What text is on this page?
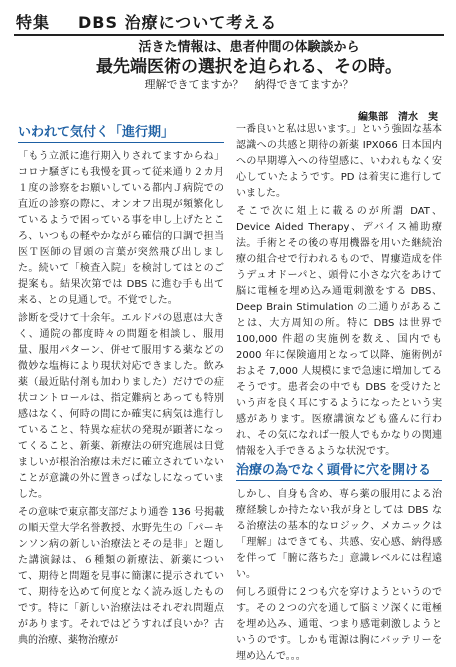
特集 DBS 治療について考える
活きた情報は、患者仲間の体験談から
最先端医術の選択を迫られる、その時。
理解できてますか？　納得できてますか？
編集部　清水　実
いわれて気付く「進行期」

「もう立派に進行期入りされてますからね」コロナ騒ぎにも我慢を貫って従来通り２カ月１度の診察をお願いしている都内Ｊ病院での直近の診察の際に、オンオフ出現が頻繁化しているようで困っている事を申し上げたところ、いつもの軽やかながら確信的口調で担当医Ｔ医師の冒頭の言葉が突然飛び出しました。続いて「検査入院」を検討してはとのご提案も。結果次第では DBS に進む手も出て来る、との見通しで。不覚でした。

診断を受けて十余年。エルドパの恩恵は大きく、通院の都度時々の問題を相談し、服用量、服用パターン、併せて服用する薬などの微妙な塩梅により現状対応できました。飲み薬（最近貼付剤も加わりました）だけでの症状コントロールは、指定難病とあっても特別感はなく、何時の間にか確実に病気は進行していること、特異な症状の発現が顕著になってくること、新薬、新療法の研究進展は日覚ましいが根治治療は未だに確立されていないことが意識の外に置きっぱなしになっていました。

その意味で東京都支部だより通巻 136 号掲載の順天堂大学名誉教授、水野先生の「パーキンソン病の新しい治療法とその是非」と題した講演録は、６種類の新療法、新薬について、期待と問題を見事に簡潔に提示されていて、期待を込めて何度となく読み返したものです。特に「新しい治療法はそれぞれ問題点があります。それではどうすれば良いか？古典的治療、薬物治療が

一番良いと私は思います。」という強固な基本認識への共感と期待の新薬 IPX066 日本国内への早期導入への待望感に、いわれもなく安心していたようです。PD は着実に進行していました。

そこで次に俎上に載るのが所謂 DAT、Device Aided Therapy、デバイス補助療法。手術とその後の専用機器を用いた継続治療の組合せで行われるもので、胃瘻造成を伴うデュオドーパと、頭骨に小さな穴をあけて脳に電極を埋め込み通電刺激をする DBS、Deep Brain Stimulation の二通りがあることは、大方周知の所。特に DBS は世界で 100,000 件超の実施例を数え、国内でも 2000 年に保険適用となって以降、施術例がおよそ 7,000 人規模にまで急速に増加してるそうです。患者会の中でも DBS を受けたという声を良く耳にするようになったという実感があります。医療講演なども盛んに行われ、その気になれば一般人でもかなりの関連情報を入手できるような状況です。

治療の為でなく頭骨に穴を開ける

しかし、自身も含め、専ら薬の服用による治療経験しか持たない我が身としては DBS なる治療法の基本的なロジック、メカニックは「理解」はできても、共感、安心感、納得感を伴って「腑に落ちた」意識レベルには程遠い。

何しろ頭骨に２つも穴を穿けようというのです。その２つの穴を通して脳ミソ深くに電極を埋め込み、通電、つまり感電刺激しようというのです。しかも電源は胸にバッテリーを埋め込んで。。。
